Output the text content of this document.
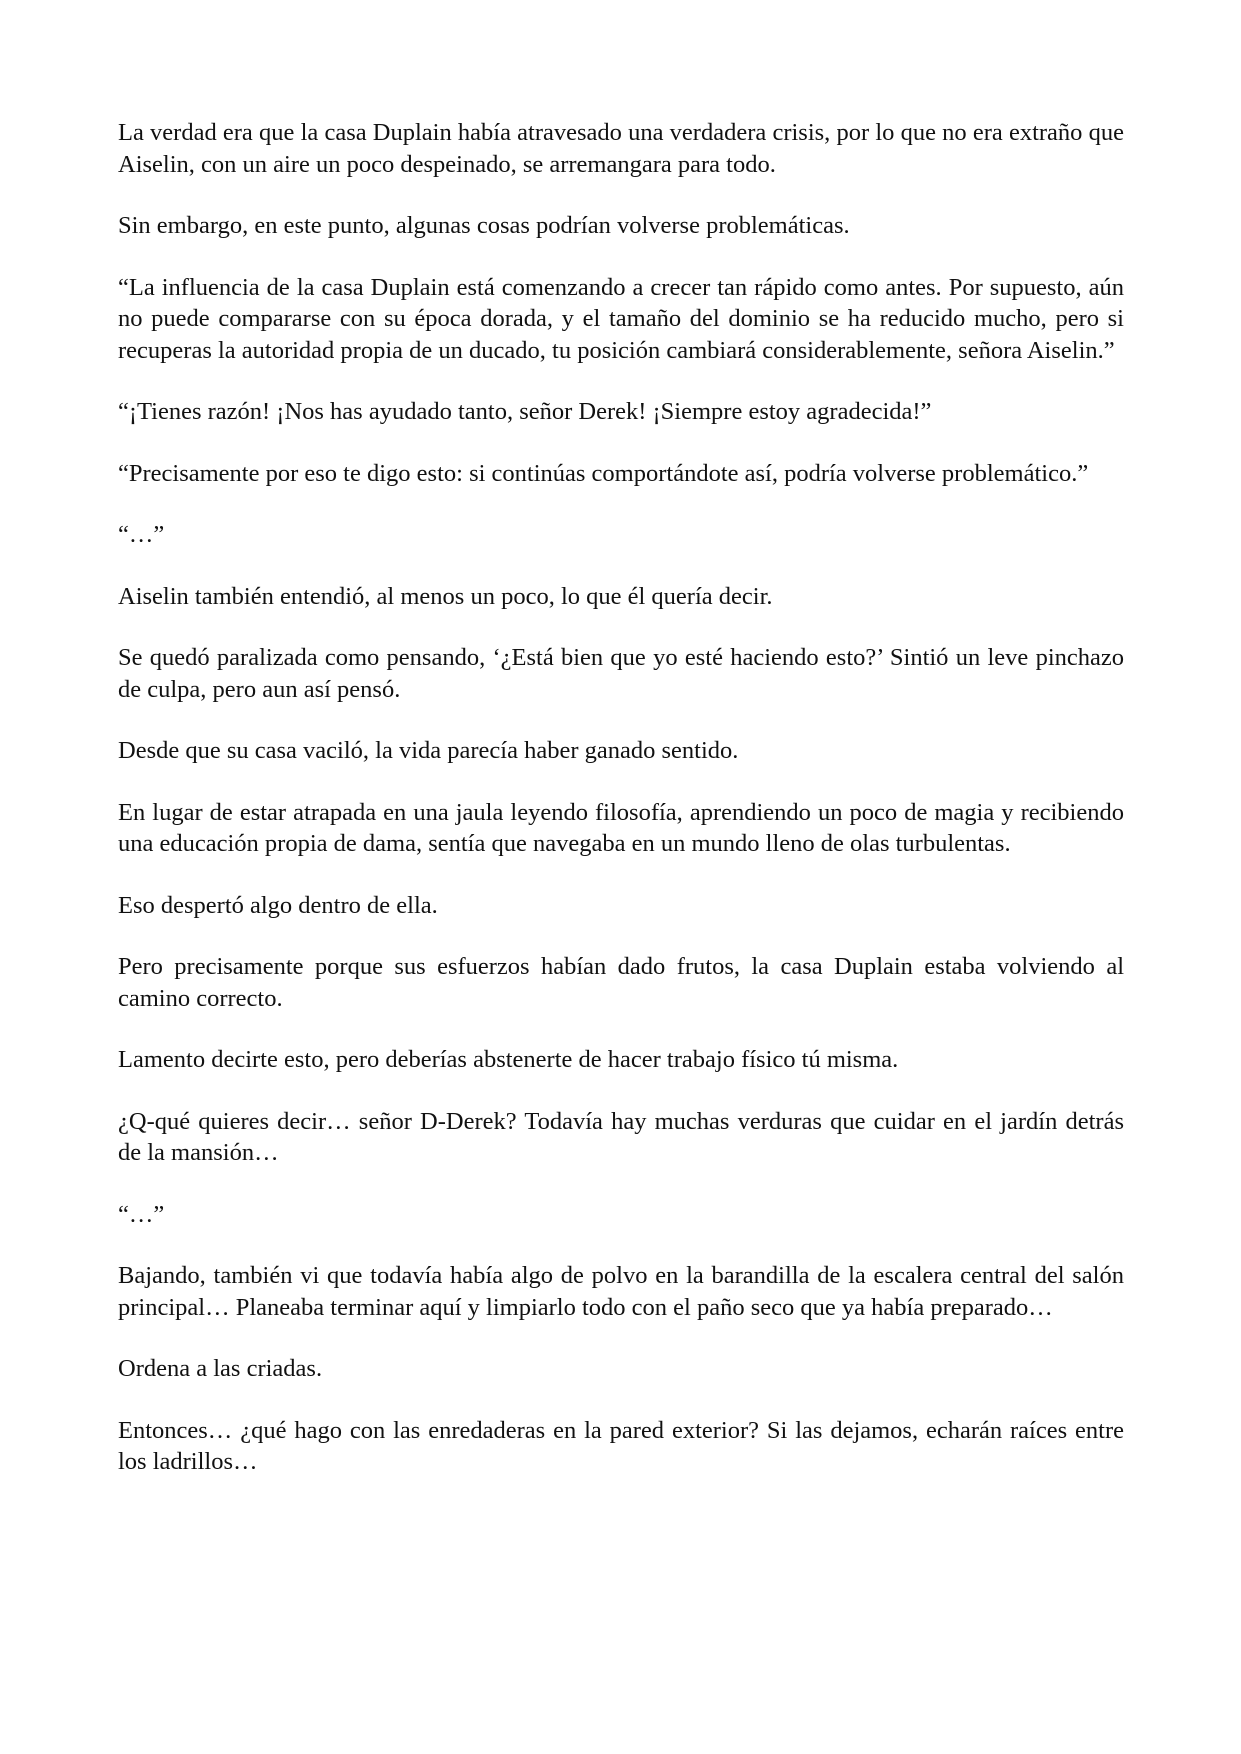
La verdad era que la casa Duplain había atravesado una verdadera crisis, por lo que no era extraño que Aiselin, con un aire un poco despeinado, se arremangara para todo.

Sin embargo, en este punto, algunas cosas podrían volverse problemáticas.

“La influencia de la casa Duplain está comenzando a crecer tan rápido como antes. Por supuesto, aún no puede compararse con su época dorada, y el tamaño del dominio se ha reducido mucho, pero si recuperas la autoridad propia de un ducado, tu posición cambiará considerablemente, señora Aiselin.”

“¡Tienes razón! ¡Nos has ayudado tanto, señor Derek! ¡Siempre estoy agradecida!”

“Precisamente por eso te digo esto: si continúas comportándote así, podría volverse problemático.”

“…”

Aiselin también entendió, al menos un poco, lo que él quería decir.

Se quedó paralizada como pensando, ‘¿Está bien que yo esté haciendo esto?’ Sintió un leve pinchazo de culpa, pero aun así pensó.

Desde que su casa vaciló, la vida parecía haber ganado sentido.

En lugar de estar atrapada en una jaula leyendo filosofía, aprendiendo un poco de magia y recibiendo una educación propia de dama, sentía que navegaba en un mundo lleno de olas turbulentas.

Eso despertó algo dentro de ella.

Pero precisamente porque sus esfuerzos habían dado frutos, la casa Duplain estaba volviendo al camino correcto.

Lamento decirte esto, pero deberías abstenerte de hacer trabajo físico tú misma.

¿Q-qué quieres decir… señor D-Derek? Todavía hay muchas verduras que cuidar en el jardín detrás de la mansión…

“…”

Bajando, también vi que todavía había algo de polvo en la barandilla de la escalera central del salón principal… Planeaba terminar aquí y limpiarlo todo con el paño seco que ya había preparado…

Ordena a las criadas.

Entonces… ¿qué hago con las enredaderas en la pared exterior? Si las dejamos, echarán raíces entre los ladrillos…
